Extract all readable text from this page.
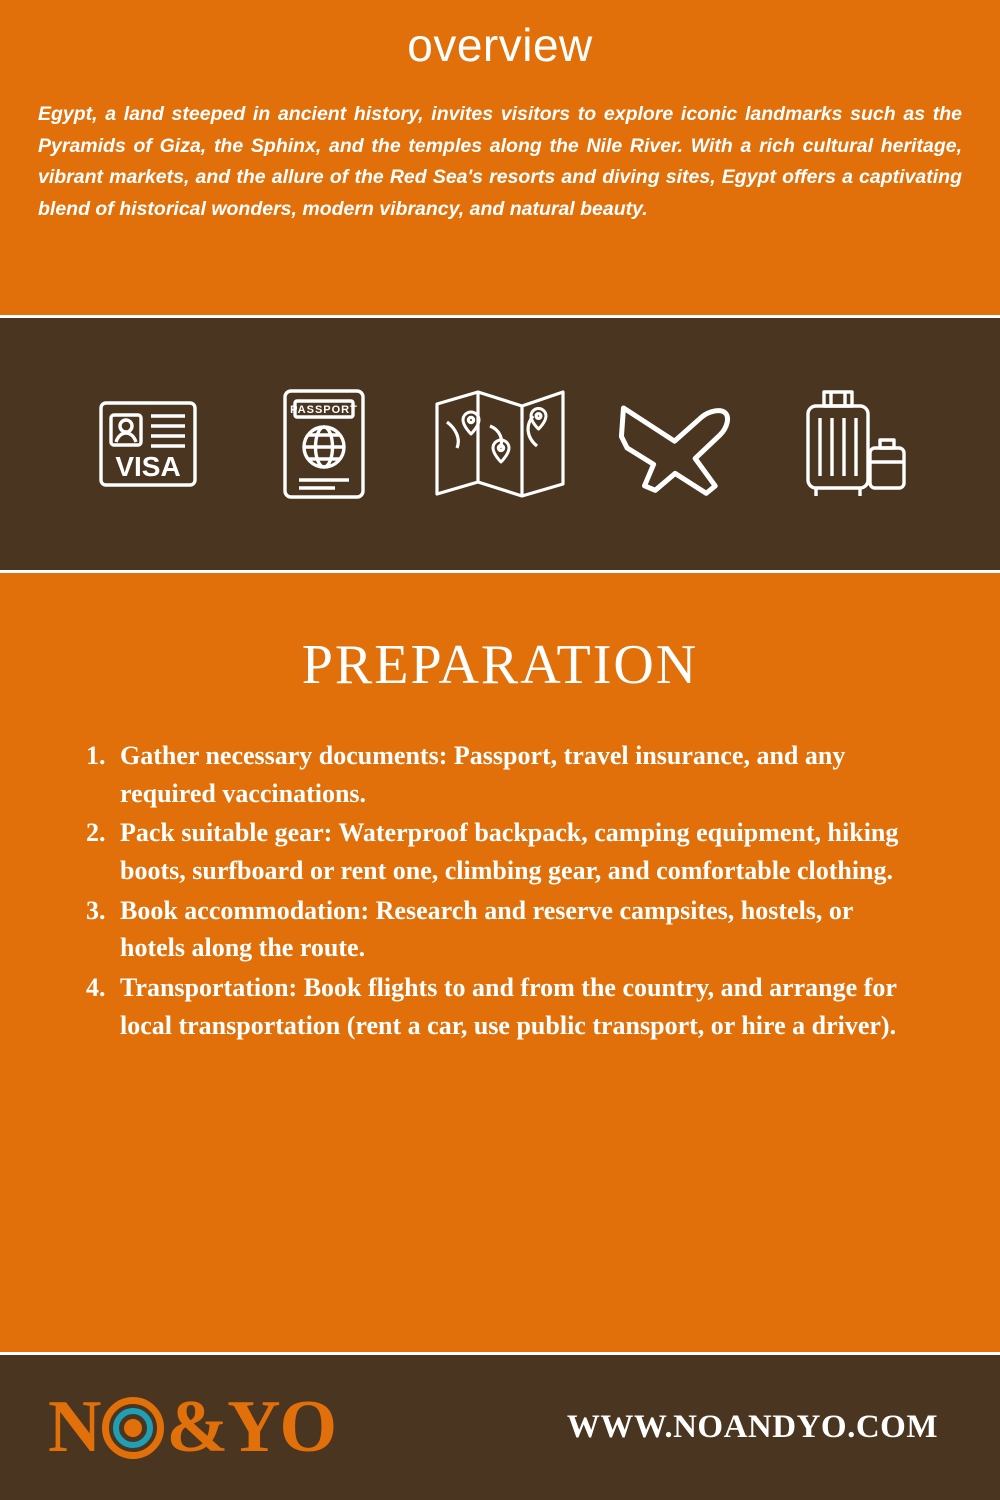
overview

Egypt, a land steeped in ancient history, invites visitors to explore iconic landmarks such as the Pyramids of Giza, the Sphinx, and the temples along the Nile River. With a rich cultural heritage, vibrant markets, and the allure of the Red Sea's resorts and diving sites, Egypt offers a captivating blend of historical wonders, modern vibrancy, and natural beauty.

VISA
PASSPORT
PREPARATION
1. Gather necessary documents: Passport, travel insurance, and any required vaccinations.
2. Pack suitable gear: Waterproof backpack, camping equipment, hiking boots, surfboard or rent one, climbing gear, and comfortable clothing.
3. Book accommodation: Research and reserve campsites, hostels, or hotels along the route.
4. Transportation: Book flights to and from the country, and arrange for local transportation (rent a car, use public transport, or hire a driver).
N &YO	WWW.NOANDYO.COM
